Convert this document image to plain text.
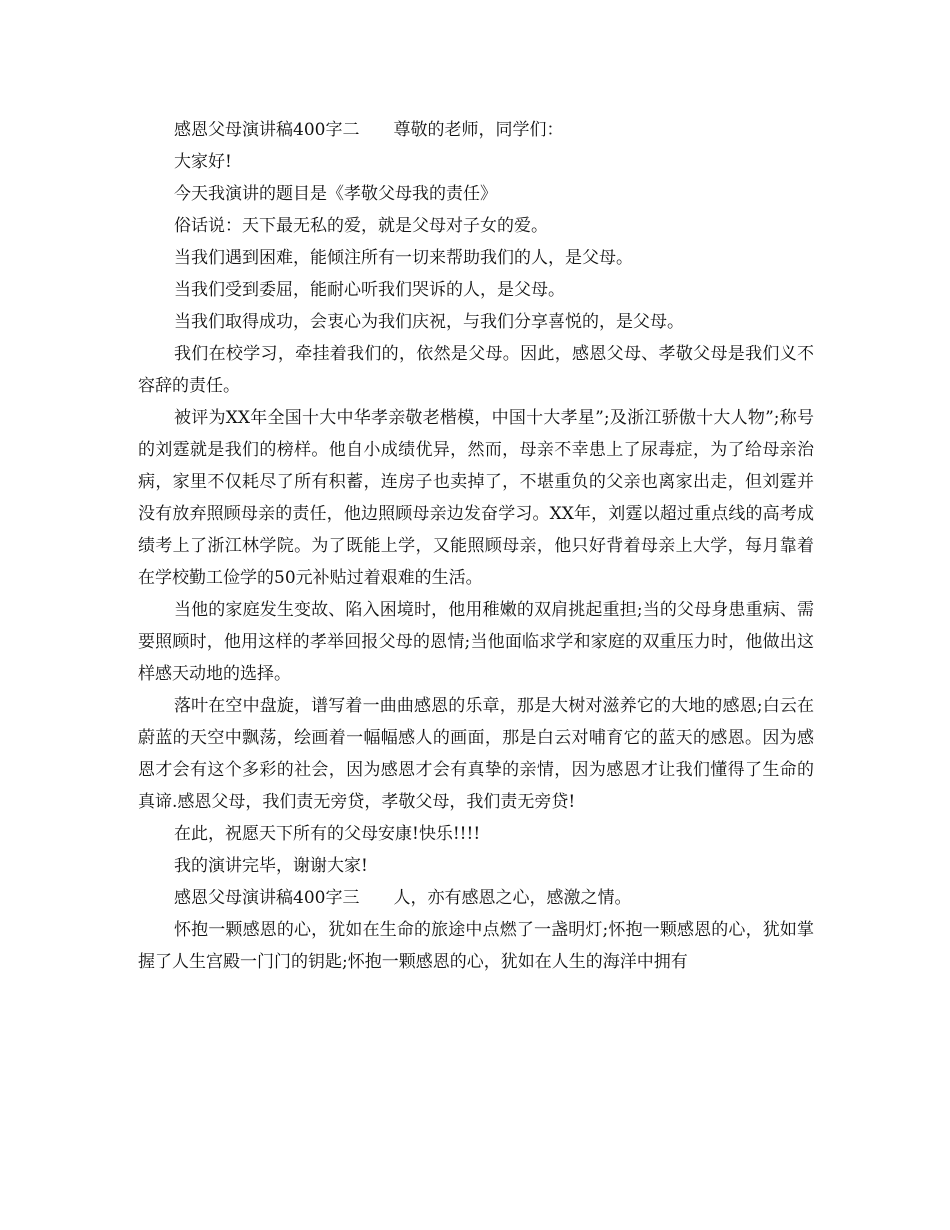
感恩父母演讲稿400字二　　尊敬的老师，同学们：

大家好!

今天我演讲的题目是《孝敬父母我的责任》

俗话说：天下最无私的爱，就是父母对子女的爱。

当我们遇到困难，能倾注所有一切来帮助我们的人，是父母。

当我们受到委屈，能耐心听我们哭诉的人，是父母。

当我们取得成功，会衷心为我们庆祝，与我们分享喜悦的，是父母。

我们在校学习，牵挂着我们的，依然是父母。因此，感恩父母、孝敬父母是我们义不容辞的责任。

被评为XX年全国十大中华孝亲敬老楷模，中国十大孝星”;及浙江骄傲十大人物”;称号的刘霆就是我们的榜样。他自小成绩优异，然而，母亲不幸患上了尿毒症，为了给母亲治病，家里不仅耗尽了所有积蓄，连房子也卖掉了，不堪重负的父亲也离家出走，但刘霆并没有放弃照顾母亲的责任，他边照顾母亲边发奋学习。XX年，刘霆以超过重点线的高考成绩考上了浙江林学院。为了既能上学，又能照顾母亲，他只好背着母亲上大学，每月靠着在学校勤工俭学的50元补贴过着艰难的生活。

当他的家庭发生变故、陷入困境时，他用稚嫩的双肩挑起重担;当的父母身患重病、需要照顾时，他用这样的孝举回报父母的恩情;当他面临求学和家庭的双重压力时，他做出这样感天动地的选择。

落叶在空中盘旋，谱写着一曲曲感恩的乐章，那是大树对滋养它的大地的感恩;白云在蔚蓝的天空中飘荡，绘画着一幅幅感人的画面，那是白云对哺育它的蓝天的感恩。因为感恩才会有这个多彩的社会，因为感恩才会有真挚的亲情，因为感恩才让我们懂得了生命的真谛.感恩父母，我们责无旁贷，孝敬父母，我们责无旁贷!

在此，祝愿天下所有的父母安康!快乐!!!!

我的演讲完毕，谢谢大家!

感恩父母演讲稿400字三　　人，亦有感恩之心，感激之情。

怀抱一颗感恩的心，犹如在生命的旅途中点燃了一盏明灯;怀抱一颗感恩的心，犹如掌握了人生宫殿一门门的钥匙;怀抱一颗感恩的心，犹如在人生的海洋中拥有
